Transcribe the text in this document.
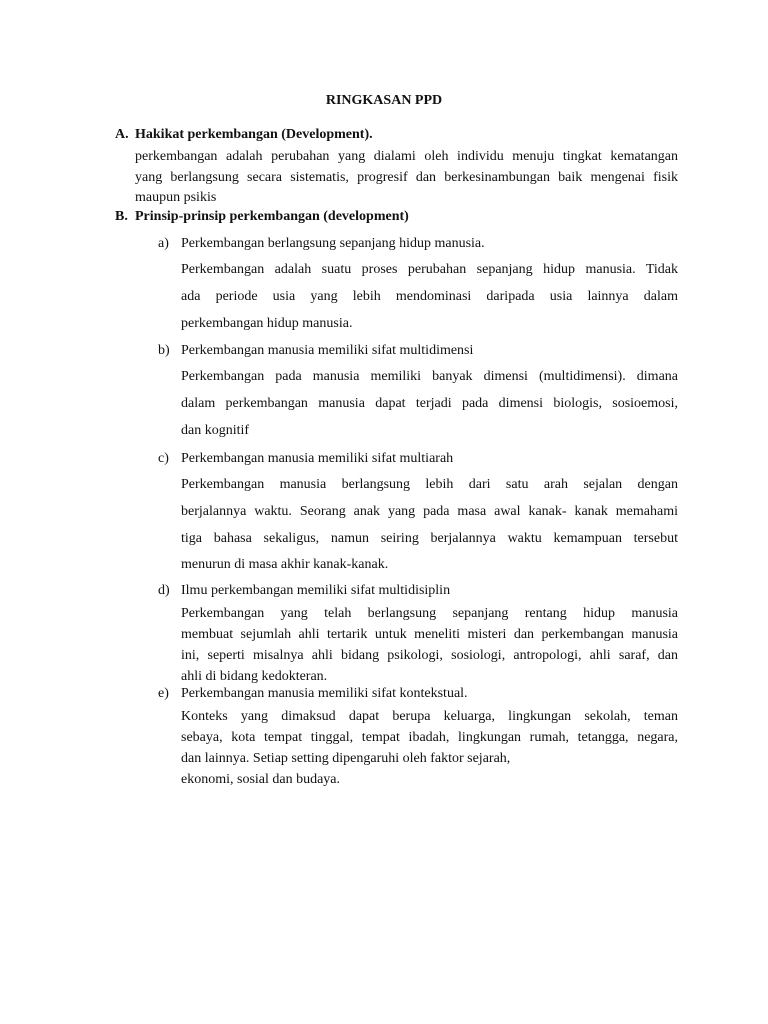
RINGKASAN PPD
A. Hakikat perkembangan (Development).
perkembangan adalah perubahan yang dialami oleh individu menuju tingkat kematangan
yang berlangsung secara sistematis, progresif dan berkesinambungan baik mengenai fisik
maupun psikis
B. Prinsip-prinsip perkembangan (development)
a) Perkembangan berlangsung sepanjang hidup manusia.
Perkembangan adalah suatu proses perubahan sepanjang hidup manusia. Tidak
ada periode usia yang lebih mendominasi daripada usia lainnya dalam
perkembangan hidup manusia.
b) Perkembangan manusia memiliki sifat multidimensi
Perkembangan pada manusia memiliki banyak dimensi (multidimensi). dimana
dalam perkembangan manusia dapat terjadi pada dimensi biologis, sosioemosi,
dan kognitif
c) Perkembangan manusia memiliki sifat multiarah
Perkembangan manusia berlangsung lebih dari satu arah sejalan dengan
berjalannya waktu. Seorang anak yang pada masa awal kanak- kanak memahami
tiga bahasa sekaligus, namun seiring berjalannya waktu kemampuan tersebut
menurun di masa akhir kanak-kanak.
d) Ilmu perkembangan memiliki sifat multidisiplin
Perkembangan yang telah berlangsung sepanjang rentang hidup manusia
membuat sejumlah ahli tertarik untuk meneliti misteri dan perkembangan manusia
ini, seperti misalnya ahli bidang psikologi, sosiologi, antropologi, ahli saraf, dan
ahli di bidang kedokteran.
e) Perkembangan manusia memiliki sifat kontekstual.
Konteks yang dimaksud dapat berupa keluarga, lingkungan sekolah, teman
sebaya, kota tempat tinggal, tempat ibadah, lingkungan rumah, tetangga, negara,
dan lainnya. Setiap setting dipengaruhi oleh faktor sejarah,
ekonomi, sosial dan budaya.
